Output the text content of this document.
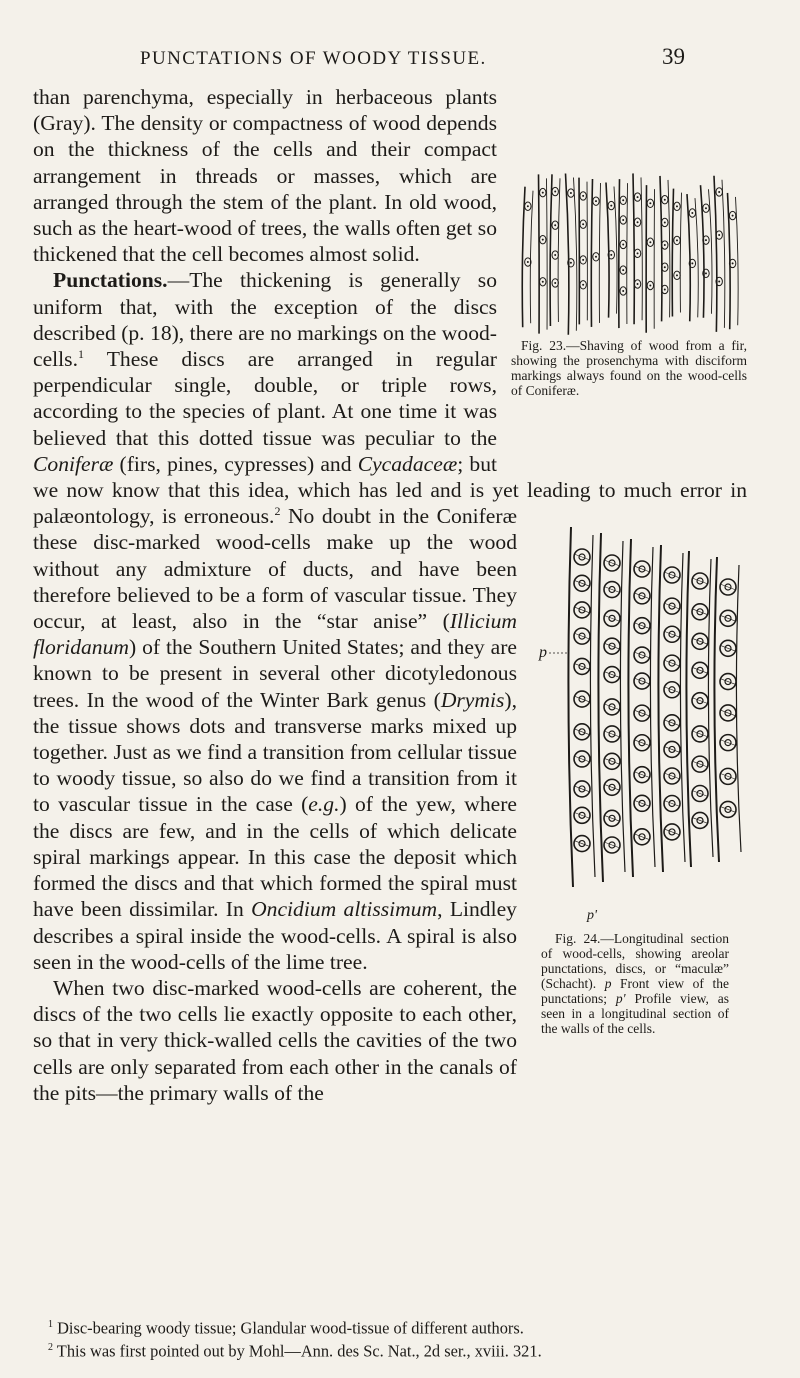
PUNCTATIONS OF WOODY TISSUE.	39

Fig. 23.—Shaving of wood from a fir, showing the prosenchyma with disciform markings always found on the wood-cells of Coniferæ.

than parenchyma, especially in herbaceous plants (Gray). The density or compactness of wood depends on the thickness of the cells and their compact arrangement in threads or masses, which are arranged through the stem of the plant. In old wood, such as the heart-wood of trees, the walls often get so thickened that the cell becomes almost solid.

Punctations.—The thickening is generally so uniform that, with the exception of the discs described (p. 18), there are no markings on the wood-cells.$^1$ These discs are arranged in regular perpendicular single, double, or triple rows, according to the species of plant. At one time it was believed that this dotted tissue was peculiar to the Coniferæ (firs, pines, cypresses) and Cycadaceæ; but we now know that this idea, which has led and is yet leading to much error in palæontology, is erroneous.$^2$
p
p'
Fig. 24.—Longitudinal section of wood-cells, showing areolar punctations, discs, or “maculæ” (Schacht). p Front view of the punctations; p' Profile view, as seen in a longitudinal section of the walls of the cells.
No doubt in the Coniferæ these disc-marked wood-cells make up the wood without any admixture of ducts, and have been therefore believed to be a form of vascular tissue. They occur, at least, also in the “star anise” (Illicium floridanum) of the Southern United States; and they are known to be present in several other dicotyledonous trees. In the wood of the Winter Bark genus (Drymis), the tissue shows dots and transverse marks mixed up together. Just as we find a transition from cellular tissue to woody tissue, so also do we find a transition from it to vascular tissue in the case (e.g.) of the yew, where the discs are few, and in the cells of which delicate spiral markings appear. In this case the deposit which formed the discs and that which formed the spiral must have been dissimilar. In Oncidium altissimum, Lindley describes a spiral inside the wood-cells. A spiral is also seen in the wood-cells of the lime tree.

When two disc-marked wood-cells are coherent, the discs of the two cells lie exactly opposite to each other, so that in very thick-walled cells the cavities of the two cells are only separated from each other in the canals of the pits—the primary walls of the

$^1$ Disc-bearing woody tissue; Glandular wood-tissue of different authors.

$^2$ This was first pointed out by Mohl—Ann. des Sc. Nat., 2d ser., xviii. 321.
